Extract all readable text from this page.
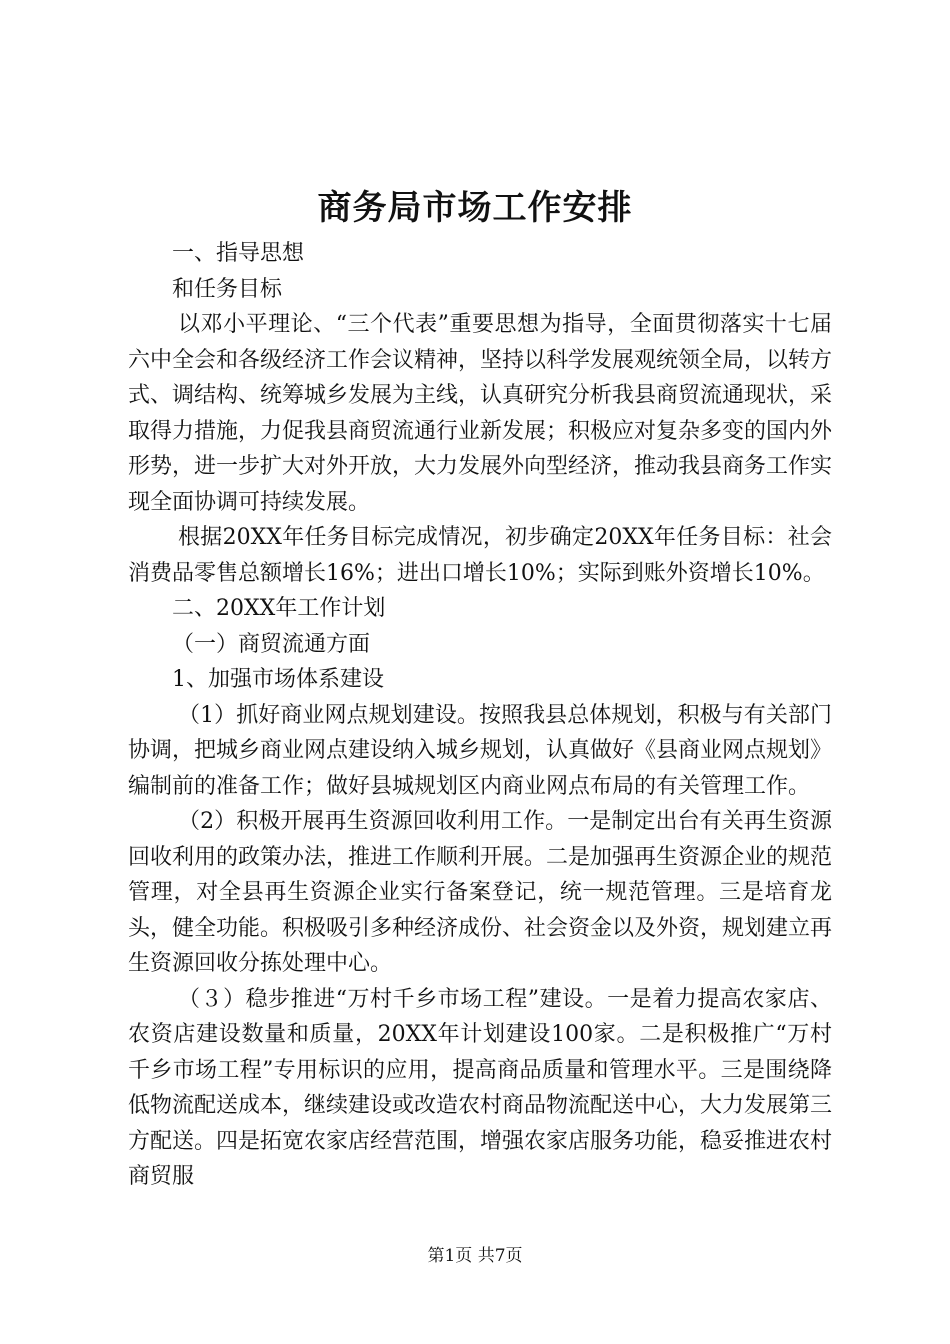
商务局市场工作安排

一、指导思想

和任务目标

以邓小平理论、“三个代表”重要思想为指导，全面贯彻落实十七届六中全会和各级经济工作会议精神，坚持以科学发展观统领全局，以转方式、调结构、统筹城乡发展为主线，认真研究分析我县商贸流通现状，采取得力措施，力促我县商贸流通行业新发展；积极应对复杂多变的国内外形势，进一步扩大对外开放，大力发展外向型经济，推动我县商务工作实现全面协调可持续发展。

根据20XX年任务目标完成情况，初步确定20XX年任务目标：社会消费品零售总额增长16%；进出口增长10%；实际到账外资增长10%。

二、20XX年工作计划

（一）商贸流通方面

1、加强市场体系建设

（1）抓好商业网点规划建设。按照我县总体规划，积极与有关部门协调，把城乡商业网点建设纳入城乡规划，认真做好《县商业网点规划》编制前的准备工作；做好县城规划区内商业网点布局的有关管理工作。

（2）积极开展再生资源回收利用工作。一是制定出台有关再生资源回收利用的政策办法，推进工作顺利开展。二是加强再生资源企业的规范管理，对全县再生资源企业实行备案登记，统一规范管理。三是培育龙头，健全功能。积极吸引多种经济成份、社会资金以及外资，规划建立再生资源回收分拣处理中心。

（３）稳步推进“万村千乡市场工程”建设。一是着力提高农家店、农资店建设数量和质量，20XX年计划建设100家。二是积极推广“万村千乡市场工程”专用标识的应用，提高商品质量和管理水平。三是围绕降低物流配送成本，继续建设或改造农村商品物流配送中心，大力发展第三方配送。四是拓宽农家店经营范围，增强农家店服务功能，稳妥推进农村商贸服

第1页 共7页
